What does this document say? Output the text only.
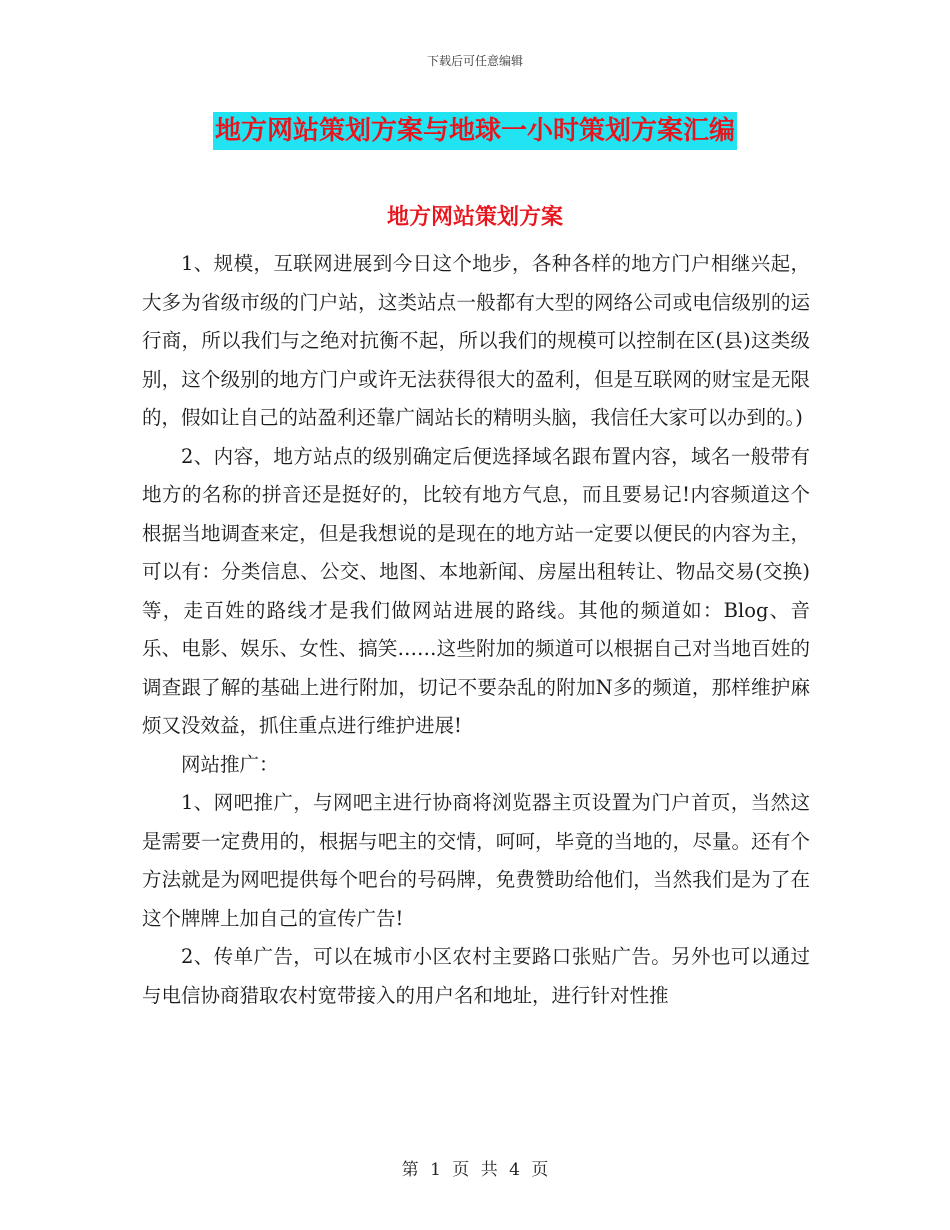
下载后可任意编辑
地方网站策划方案与地球一小时策划方案汇编
地方网站策划方案

1、规模，互联网进展到今日这个地步，各种各样的地方门户相继兴起，大多为省级市级的门户站，这类站点一般都有大型的网络公司或电信级别的运行商，所以我们与之绝对抗衡不起，所以我们的规模可以控制在区(县)这类级别，这个级别的地方门户或许无法获得很大的盈利，但是互联网的财宝是无限的，假如让自己的站盈利还靠广阔站长的精明头脑，我信任大家可以办到的。)

2、内容，地方站点的级别确定后便选择域名跟布置内容，域名一般带有地方的名称的拼音还是挺好的，比较有地方气息，而且要易记!内容频道这个根据当地调查来定，但是我想说的是现在的地方站一定要以便民的内容为主，可以有：分类信息、公交、地图、本地新闻、房屋出租转让、物品交易(交换)等，走百姓的路线才是我们做网站进展的路线。其他的频道如：Blog、音乐、电影、娱乐、女性、搞笑……这些附加的频道可以根据自己对当地百姓的调查跟了解的基础上进行附加，切记不要杂乱的附加N多的频道，那样维护麻烦又没效益，抓住重点进行维护进展!

网站推广：

1、网吧推广，与网吧主进行协商将浏览器主页设置为门户首页，当然这是需要一定费用的，根据与吧主的交情，呵呵，毕竟的当地的，尽量。还有个方法就是为网吧提供每个吧台的号码牌，免费赞助给他们，当然我们是为了在这个牌牌上加自己的宣传广告!

2、传单广告，可以在城市小区农村主要路口张贴广告。另外也可以通过与电信协商猎取农村宽带接入的用户名和地址，进行针对性推

第 1 页 共 4 页
